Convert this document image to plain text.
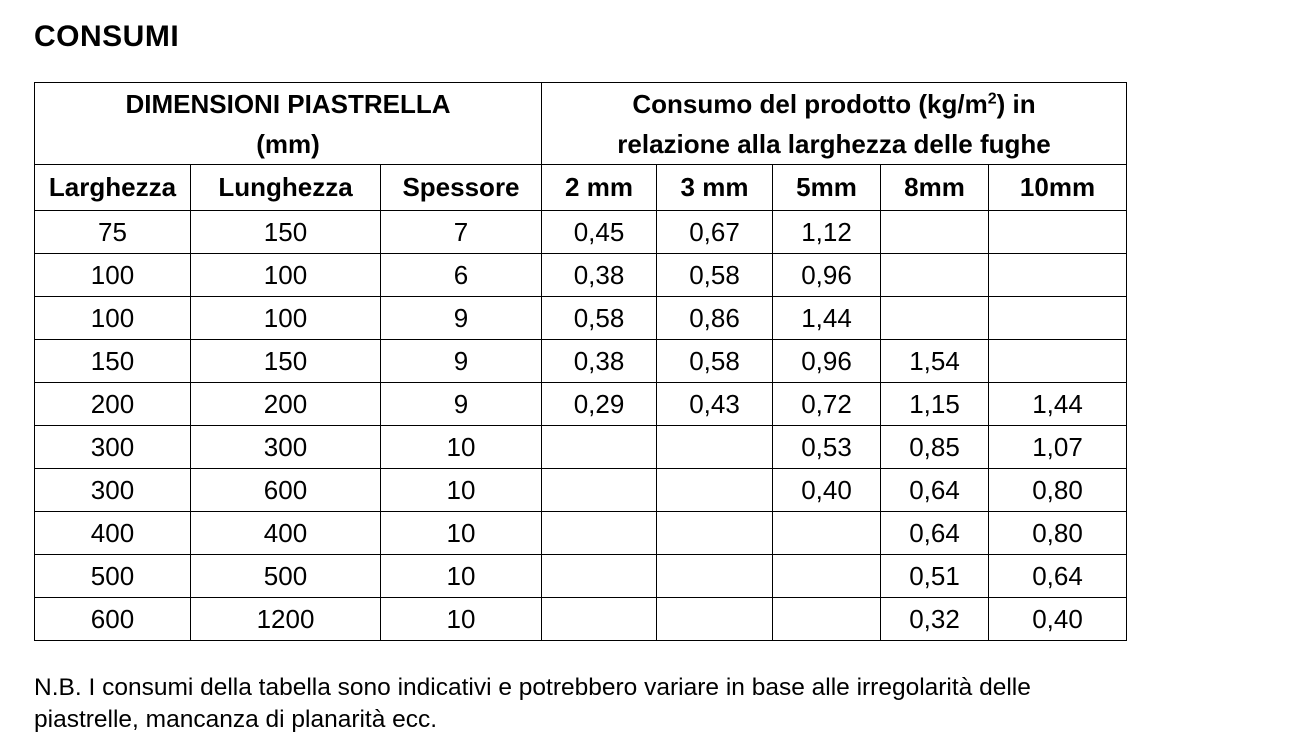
CONSUMI
DIMENSIONI PIASTRELLA
(mm)			Consumo del prodotto $(kg/m^2)$ in
relazione alla larghezza delle fughe				
Larghezza	Lunghezza	Spessore	2 mm	3 mm	5mm	8mm	10mm
75	150	7	0,45	0,67	1,12		
100	100	6	0,38	0,58	0,96		
100	100	9	0,58	0,86	1,44		
150	150	9	0,38	0,58	0,96	1,54	
200	200	9	0,29	0,43	0,72	1,15	1,44
300	300	10			0,53	0,85	1,07
300	600	10			0,40	0,64	0,80
400	400	10				0,64	0,80
500	500	10				0,51	0,64
600	1200	10				0,32	0,40
N.B. I consumi della tabella sono indicativi e potrebbero variare in base alle irregolarità delle
piastrelle, mancanza di planarità ecc.
